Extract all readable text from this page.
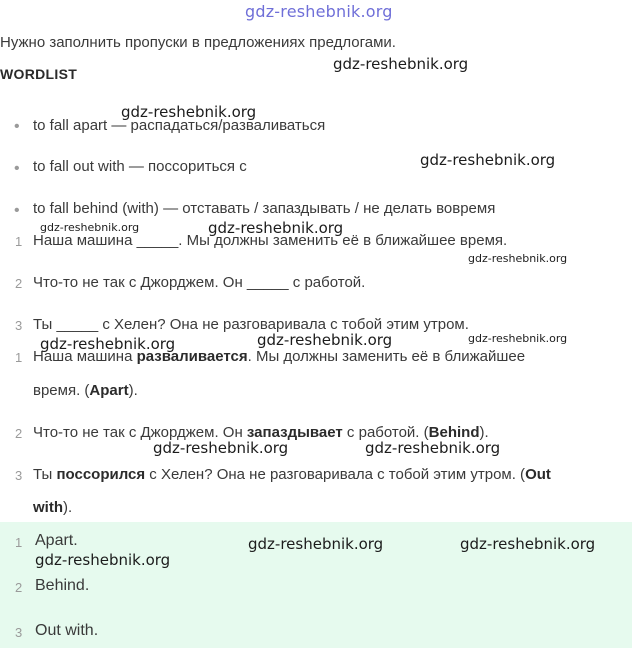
gdz-reshebnik.org
Нужно заполнить пропуски в предложениях предлогами.
WORDLIST
• to fall apart — распадаться/разваливаться
• to fall out with — поссориться с
• to fall behind (with) — отставать / запаздывать / не делать вовремя
1 Наша машина _____. Мы должны заменить её в ближайшее время.
2 Что-то не так с Джорджем. Он _____ с работой.
3 Ты _____ с Хелен? Она не разговаривала с тобой этим утром.
1 Наша машина разваливается. Мы должны заменить её в ближайшее
время. (Apart).
2 Что-то не так с Джорджем. Он запаздывает с работой. (Behind).
3 Ты поссорился с Хелен? Она не разговаривала с тобой этим утром. (Out
with).
1 Apart.
2 Behind.
3 Out with.
gdz-reshebnik.org
gdz-reshebnik.org
gdz-reshebnik.org
gdz-reshebnik.org	gdz-reshebnik.org
gdz-reshebnik.org
gdz-reshebnik.org	gdz-reshebnik.org	gdz-reshebnik.org
gdz-reshebnik.org	gdz-reshebnik.org
gdz-reshebnik.org	gdz-reshebnik.org
gdz-reshebnik.org
